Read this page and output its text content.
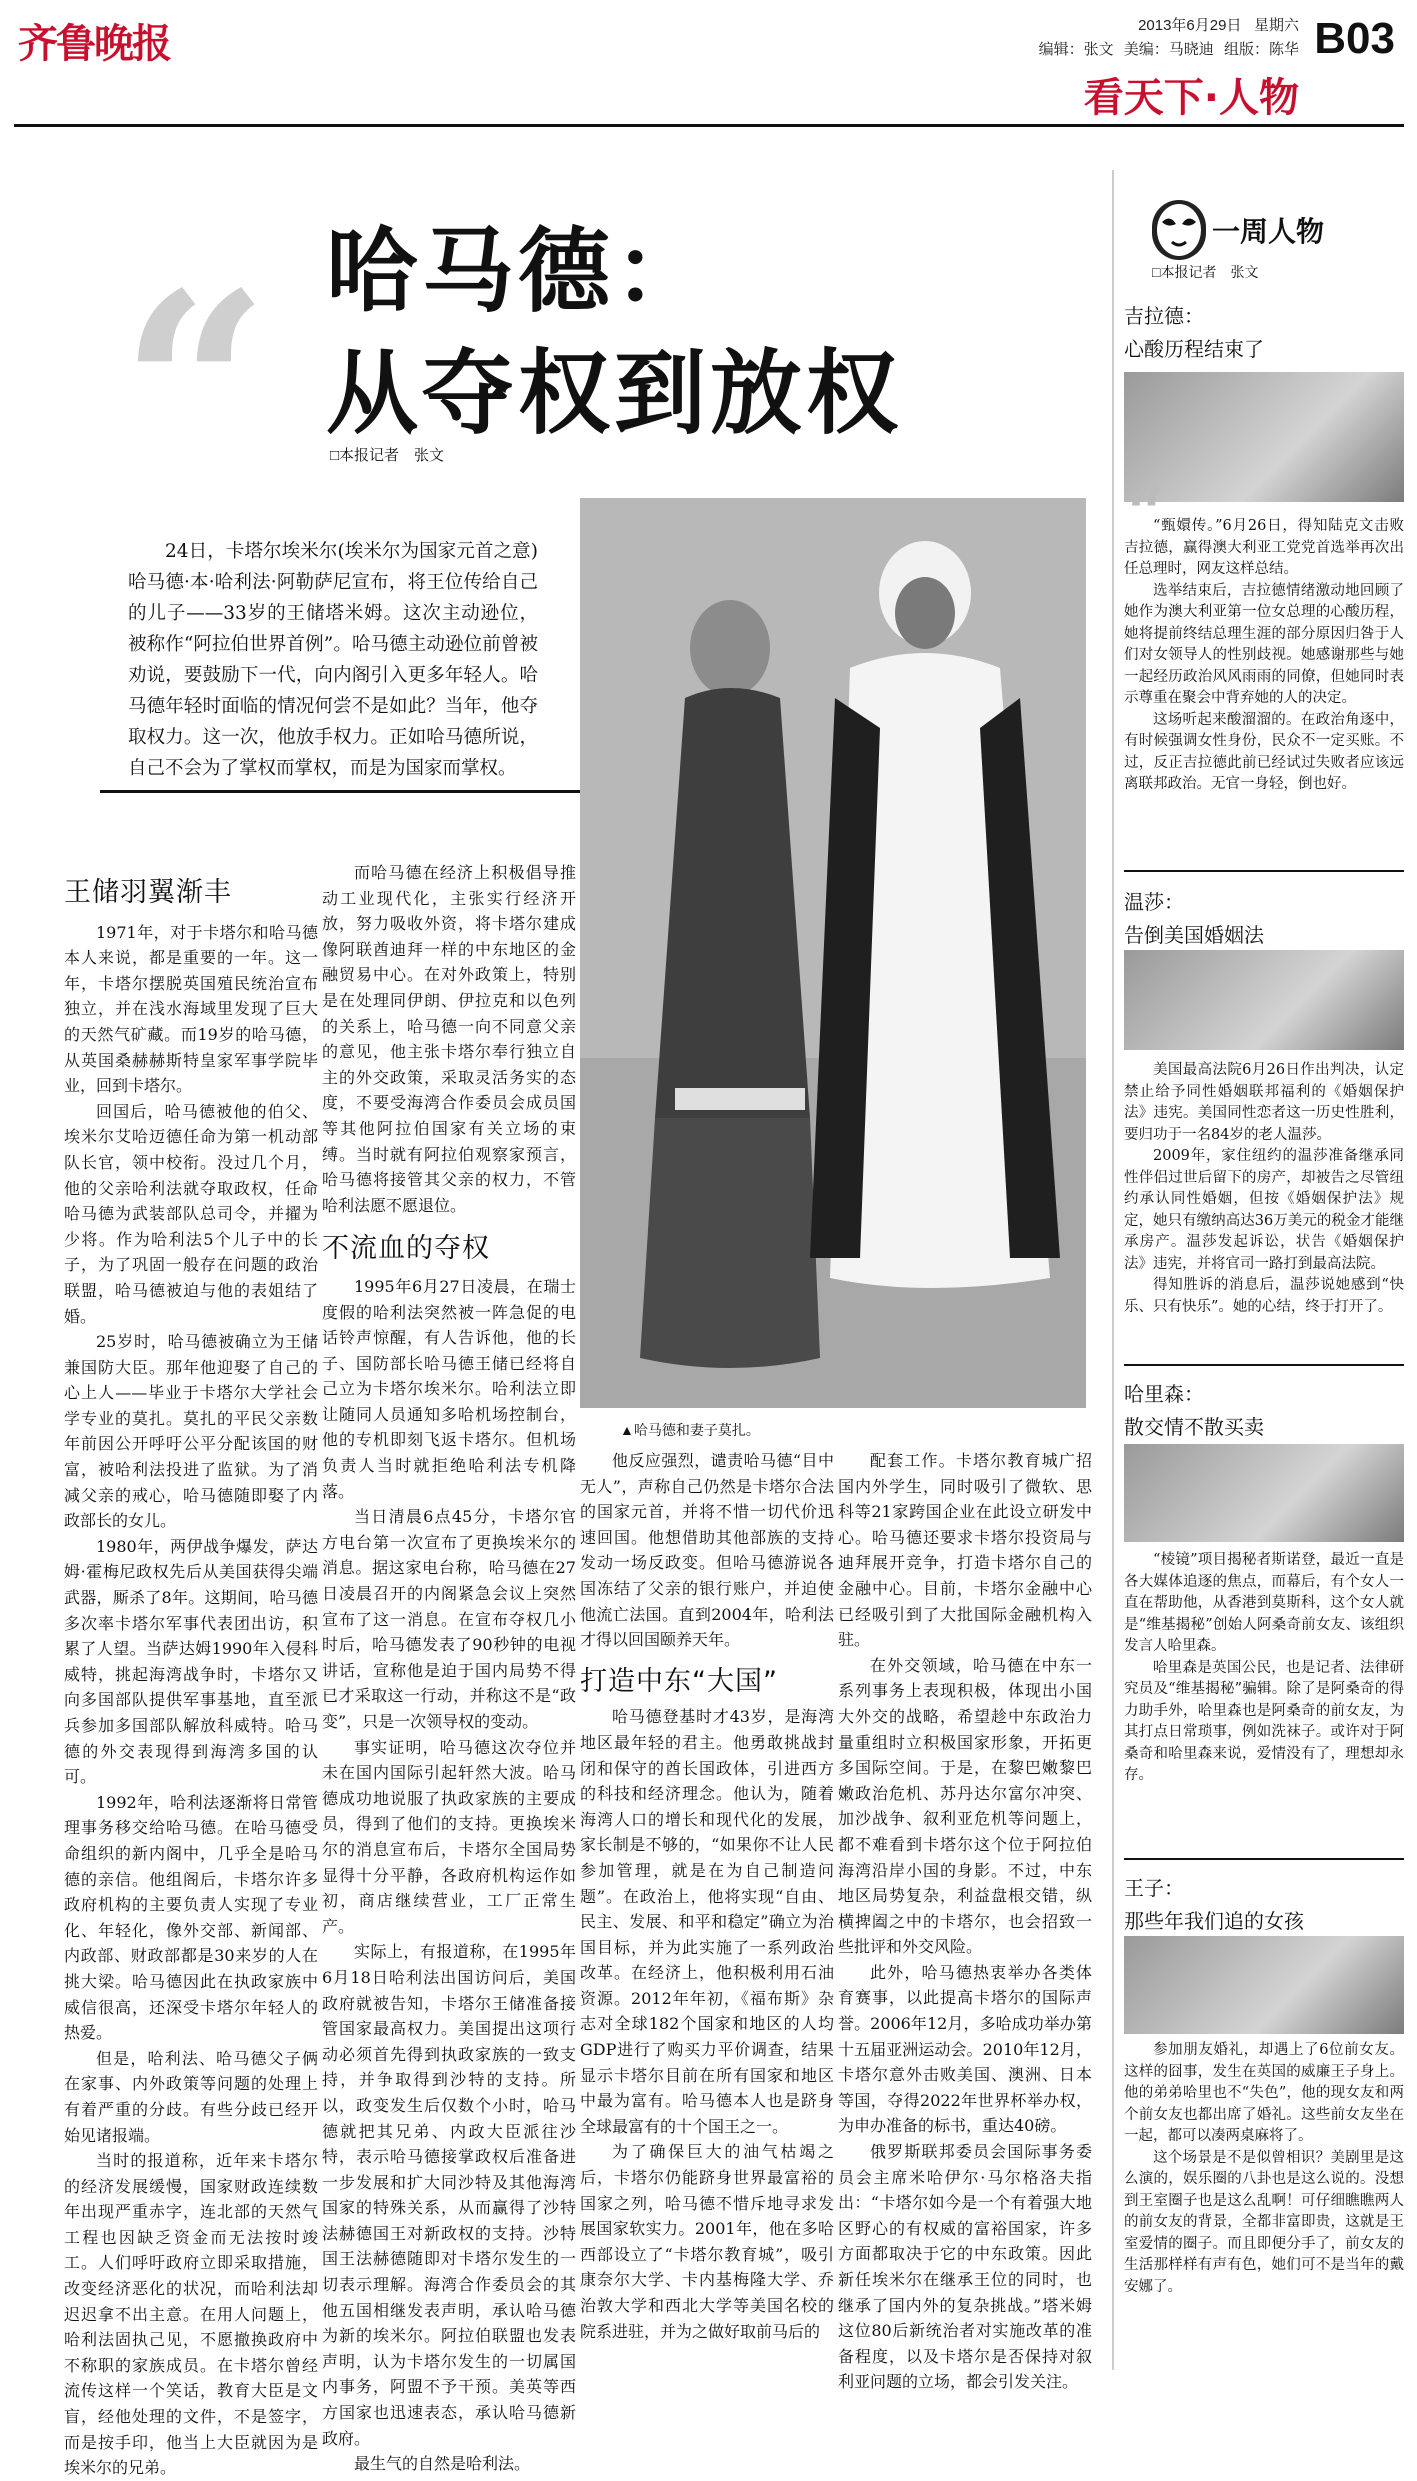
齐鲁晚报	2013年6月29日 星期六
编辑：张文 美编：马晓迪 组版：陈华
看天下·人物
B03
“ 哈马德：
从夺权到放权
□本报记者　张文

24日，卡塔尔埃米尔(埃米尔为国家元首之意)哈马德·本·哈利法·阿勒萨尼宣布，将王位传给自己的儿子——33岁的王储塔米姆。这次主动逊位，被称作“阿拉伯世界首例”。哈马德主动逊位前曾被劝说，要鼓励下一代，向内阁引入更多年轻人。哈马德年轻时面临的情况何尝不是如此？当年，他夺取权力。这一次，他放手权力。正如哈马德所说，自己不会为了掌权而掌权，而是为国家而掌权。

▲哈马德和妻子莫扎。
王储羽翼渐丰

1971年，对于卡塔尔和哈马德本人来说，都是重要的一年。这一年，卡塔尔摆脱英国殖民统治宣布独立，并在浅水海域里发现了巨大的天然气矿藏。而19岁的哈马德，从英国桑赫赫斯特皇家军事学院毕业，回到卡塔尔。

回国后，哈马德被他的伯父、埃米尔艾哈迈德任命为第一机动部队长官，领中校衔。没过几个月，他的父亲哈利法就夺取政权，任命哈马德为武装部队总司令，并擢为少将。作为哈利法5个儿子中的长子，为了巩固一般存在问题的政治联盟，哈马德被迫与他的表姐结了婚。

25岁时，哈马德被确立为王储兼国防大臣。那年他迎娶了自己的心上人——毕业于卡塔尔大学社会学专业的莫扎。莫扎的平民父亲数年前因公开呼吁公平分配该国的财富，被哈利法投进了监狱。为了消减父亲的戒心，哈马德随即娶了内政部长的女儿。

1980年，两伊战争爆发，萨达姆·霍梅尼政权先后从美国获得尖端武器，厮杀了8年。这期间，哈马德多次率卡塔尔军事代表团出访，积累了人望。当萨达姆1990年入侵科威特，挑起海湾战争时，卡塔尔又向多国部队提供军事基地，直至派兵参加多国部队解放科威特。哈马德的外交表现得到海湾多国的认可。

1992年，哈利法逐渐将日常管理事务移交给哈马德。在哈马德受命组织的新内阁中，几乎全是哈马德的亲信。他组阁后，卡塔尔许多政府机构的主要负责人实现了专业化、年轻化，像外交部、新闻部、内政部、财政部都是30来岁的人在挑大梁。哈马德因此在执政家族中威信很高，还深受卡塔尔年轻人的热爱。

但是，哈利法、哈马德父子俩在家事、内外政策等问题的处理上有着严重的分歧。有些分歧已经开始见诸报端。

当时的报道称，近年来卡塔尔的经济发展缓慢，国家财政连续数年出现严重赤字，连北部的天然气工程也因缺乏资金而无法按时竣工。人们呼吁政府立即采取措施，改变经济恶化的状况，而哈利法却迟迟拿不出主意。在用人问题上，哈利法固执己见，不愿撤换政府中不称职的家族成员。在卡塔尔曾经流传这样一个笑话，教育大臣是文盲，经他处理的文件，不是签字，而是按手印，他当上大臣就因为是埃米尔的兄弟。

而哈马德在经济上积极倡导推动工业现代化，主张实行经济开放，努力吸收外资，将卡塔尔建成像阿联酋迪拜一样的中东地区的金融贸易中心。在对外政策上，特别是在处理同伊朗、伊拉克和以色列的关系上，哈马德一向不同意父亲的意见，他主张卡塔尔奉行独立自主的外交政策，采取灵活务实的态度，不要受海湾合作委员会成员国等其他阿拉伯国家有关立场的束缚。当时就有阿拉伯观察家预言，哈马德将接管其父亲的权力，不管哈利法愿不愿退位。

不流血的夺权

1995年6月27日凌晨，在瑞士度假的哈利法突然被一阵急促的电话铃声惊醒，有人告诉他，他的长子、国防部长哈马德王储已经将自己立为卡塔尔埃米尔。哈利法立即让随同人员通知多哈机场控制台，他的专机即刻飞返卡塔尔。但机场负责人当时就拒绝哈利法专机降落。

当日清晨6点45分，卡塔尔官方电台第一次宣布了更换埃米尔的消息。据这家电台称，哈马德在27日凌晨召开的内阁紧急会议上突然宣布了这一消息。在宣布夺权几小时后，哈马德发表了90秒钟的电视讲话，宣称他是迫于国内局势不得已才采取这一行动，并称这不是“政变”，只是一次领导权的变动。

事实证明，哈马德这次夺位并未在国内国际引起轩然大波。哈马德成功地说服了执政家族的主要成员，得到了他们的支持。更换埃米尔的消息宣布后，卡塔尔全国局势显得十分平静，各政府机构运作如初，商店继续营业，工厂正常生产。

实际上，有报道称，在1995年6月18日哈利法出国访问后，美国政府就被告知，卡塔尔王储准备接管国家最高权力。美国提出这项行动必须首先得到执政家族的一致支持，并争取得到沙特的支持。所以，政变发生后仅数个小时，哈马德就把其兄弟、内政大臣派往沙特，表示哈马德接掌政权后准备进一步发展和扩大同沙特及其他海湾国家的特殊关系，从而赢得了沙特法赫德国王对新政权的支持。沙特国王法赫德随即对卡塔尔发生的一切表示理解。海湾合作委员会的其他五国相继发表声明，承认哈马德为新的埃米尔。阿拉伯联盟也发表声明，认为卡塔尔发生的一切属国内事务，阿盟不予干预。美英等西方国家也迅速表态，承认哈马德新政府。

最生气的自然是哈利法。

他反应强烈，谴责哈马德“目中无人”，声称自己仍然是卡塔尔合法的国家元首，并将不惜一切代价迅速回国。他想借助其他部族的支持发动一场反政变。但哈马德游说各国冻结了父亲的银行账户，并迫使他流亡法国。直到2004年，哈利法才得以回国颐养天年。

打造中东“大国”

哈马德登基时才43岁，是海湾地区最年轻的君主。他勇敢挑战封闭和保守的酋长国政体，引进西方的科技和经济理念。他认为，随着海湾人口的增长和现代化的发展，家长制是不够的，“如果你不让人民参加管理，就是在为自己制造问题”。在政治上，他将实现“自由、民主、发展、和平和稳定”确立为治国目标，并为此实施了一系列政治改革。在经济上，他积极利用石油资源。2012年年初，《福布斯》杂志对全球182个国家和地区的人均GDP进行了购买力平价调查，结果显示卡塔尔目前在所有国家和地区中最为富有。哈马德本人也是跻身全球最富有的十个国王之一。

为了确保巨大的油气枯竭之后，卡塔尔仍能跻身世界最富裕的国家之列，哈马德不惜斥地寻求发展国家软实力。2001年，他在多哈西部设立了“卡塔尔教育城”，吸引康奈尔大学、卡内基梅隆大学、乔治敦大学和西北大学等美国名校的院系进驻，并为之做好取前马后的

配套工作。卡塔尔教育城广招国内外学生，同时吸引了微软、思科等21家跨国企业在此设立研发中心。哈马德还要求卡塔尔投资局与迪拜展开竞争，打造卡塔尔自己的金融中心。目前，卡塔尔金融中心已经吸引到了大批国际金融机构入驻。

在外交领域，哈马德在中东一系列事务上表现积极，体现出小国大外交的战略，希望趁中东政治力量重组时立积极国家形象，开拓更多国际空间。于是，在黎巴嫩黎巴嫩政治危机、苏丹达尔富尔冲突、加沙战争、叙利亚危机等问题上，都不难看到卡塔尔这个位于阿拉伯海湾沿岸小国的身影。不过，中东地区局势复杂，利益盘根交错，纵横捭阖之中的卡塔尔，也会招致一些批评和外交风险。

此外，哈马德热衷举办各类体育赛事，以此提高卡塔尔的国际声誉。2006年12月，多哈成功举办第十五届亚洲运动会。2010年12月，卡塔尔意外击败美国、澳洲、日本等国，夺得2022年世界杯举办权，为申办准备的标书，重达40磅。

俄罗斯联邦委员会国际事务委员会主席米哈伊尔·马尔格洛夫指出：“卡塔尔如今是一个有着强大地区野心的有权威的富裕国家，许多方面都取决于它的中东政策。因此新任埃米尔在继承王位的同时，也继承了国内外的复杂挑战。”塔米姆这位80后新统治者对实施改革的准备程度，以及卡塔尔是否保持对叙利亚问题的立场，都会引发关注。

一周人物
□本报记者　张文
吉拉德：
心酸历程结束了
“

“甄嬛传。”6月26日，得知陆克文击败吉拉德，赢得澳大利亚工党党首选举再次出任总理时，网友这样总结。

选举结束后，吉拉德情绪激动地回顾了她作为澳大利亚第一位女总理的心酸历程，她将提前终结总理生涯的部分原因归咎于人们对女领导人的性别歧视。她感谢那些与她一起经历政治风风雨雨的同僚，但她同时表示尊重在聚会中背弃她的人的决定。

这场听起来酸溜溜的。在政治角逐中，有时候强调女性身份，民众不一定买账。不过，反正吉拉德此前已经试过失败者应该远离联邦政治。无官一身轻，倒也好。

温莎：
告倒美国婚姻法

美国最高法院6月26日作出判决，认定禁止给予同性婚姻联邦福利的《婚姻保护法》违宪。美国同性恋者这一历史性胜利，要归功于一名84岁的老人温莎。

2009年，家住纽约的温莎准备继承同性伴侣过世后留下的房产，却被告之尽管纽约承认同性婚姻，但按《婚姻保护法》规定，她只有缴纳高达36万美元的税金才能继承房产。温莎发起诉讼，状告《婚姻保护法》违宪，并将官司一路打到最高法院。

得知胜诉的消息后，温莎说她感到“快乐、只有快乐”。她的心结，终于打开了。

哈里森：
散交情不散买卖

“棱镜”项目揭秘者斯诺登，最近一直是各大媒体追逐的焦点，而幕后，有个女人一直在帮助他，从香港到莫斯科，这个女人就是“维基揭秘”创始人阿桑奇前女友、该组织发言人哈里森。

哈里森是英国公民，也是记者、法律研究员及“维基揭秘”骗辑。除了是阿桑奇的得力助手外，哈里森也是阿桑奇的前女友，为其打点日常琐事，例如洗袜子。或许对于阿桑奇和哈里森来说，爱情没有了，理想却永存。

王子：
那些年我们追的女孩

参加朋友婚礼，却遇上了6位前女友。这样的囧事，发生在英国的威廉王子身上。他的弟弟哈里也不“失色”，他的现女友和两个前女友也都出席了婚礼。这些前女友坐在一起，都可以凑两桌麻将了。

这个场景是不是似曾相识？美剧里是这么演的，娱乐圈的八卦也是这么说的。没想到王室圈子也是这么乱啊！可仔细瞧瞧两人的前女友的背景，全都非富即贵，这就是王室爱情的圈子。而且即便分手了，前女友的生活那样样有声有色，她们可不是当年的戴安娜了。
